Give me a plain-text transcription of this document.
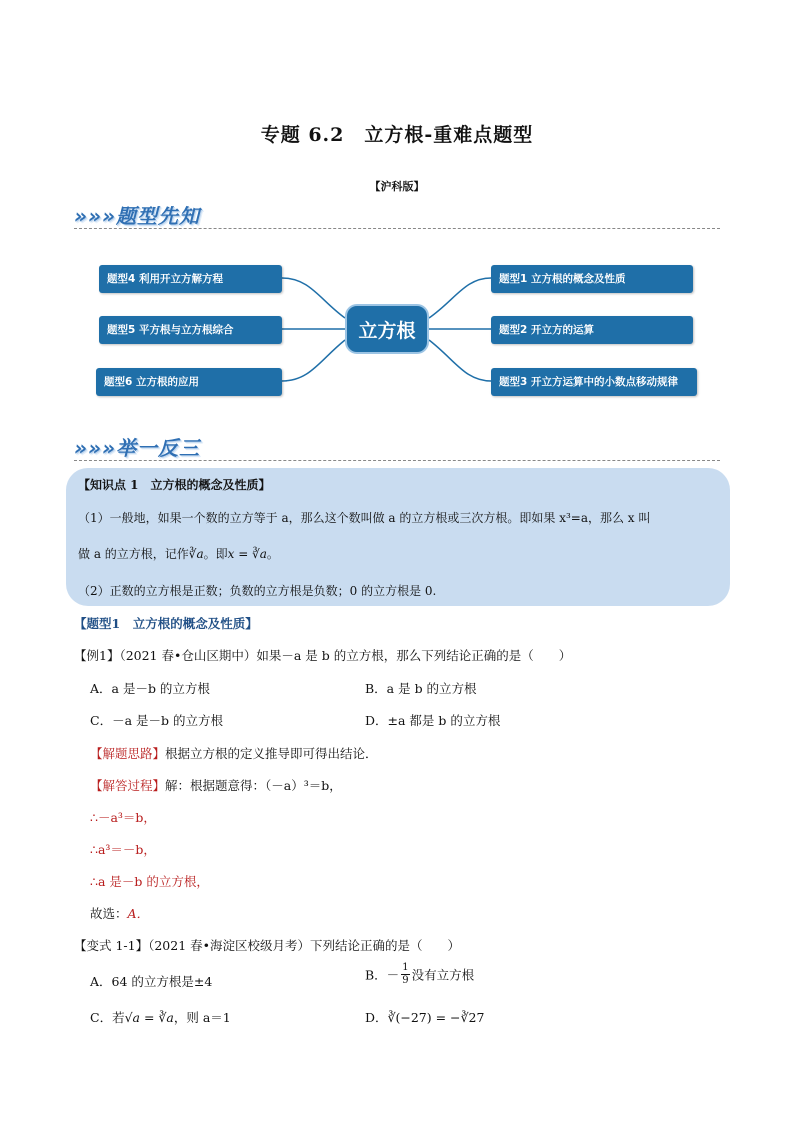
专题 6.2　立方根-重难点题型
【沪科版】
»»»题型先知
题型4 利用开立方解方程
题型5 平方根与立方根综合
题型6 立方根的应用
立方根
题型1 立方根的概念及性质
题型2 开立方的运算
题型3 开立方运算中的小数点移动规律
»»»举一反三
【知识点 1　立方根的概念及性质】
（1）一般地，如果一个数的立方等于 a，那么这个数叫做 a 的立方根或三次方根。即如果 x³=a，那么 x 叫
做 a 的立方根，记作∛a。即x = ∛a。
（2）正数的立方根是正数；负数的立方根是负数；0 的立方根是 0.
【题型1　立方根的概念及性质】
【例1】（2021 春•仓山区期中）如果－a 是 b 的立方根，那么下列结论正确的是（　　）
A．a 是－b 的立方根	B．a 是 b 的立方根
C．－a 是－b 的立方根	D．±a 都是 b 的立方根
【解题思路】根据立方根的定义推导即可得出结论．
【解答过程】解：根据题意得：（－a）³＝b，
∴－a³＝b，
∴a³＝－b，
∴a 是－b 的立方根，
故选：A．
【变式 1-1】（2021 春•海淀区校级月考）下列结论正确的是（　　）
A．64 的立方根是±4	B．－ $\frac{1}{9}$ 没有立方根
C．若√a = ∛a，则 a＝1	D．∛(−27) = −∛27
